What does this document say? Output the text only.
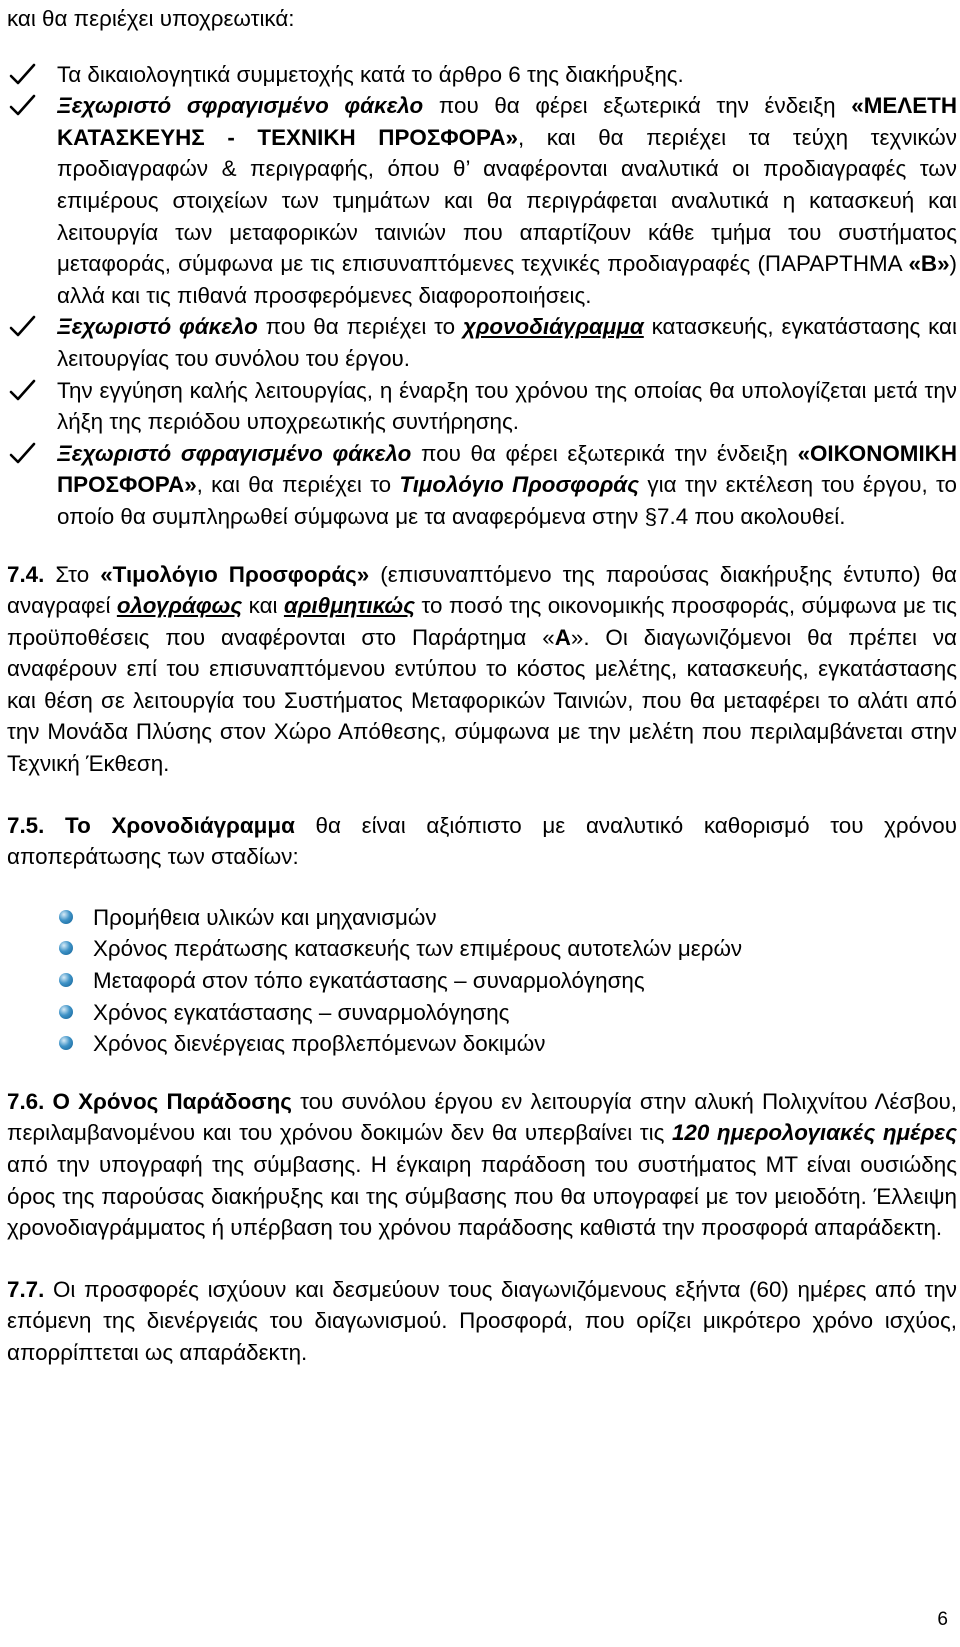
και θα περιέχει υποχρεωτικά:

Τα δικαιολογητικά συμμετοχής κατά το άρθρο 6 της διακήρυξης.
Ξεχωριστό σφραγισμένο φάκελο που θα φέρει εξωτερικά την ένδειξη «ΜΕΛΕΤΗ ΚΑΤΑΣΚΕΥΗΣ - ΤΕΧΝΙΚΗ ΠΡΟΣΦΟΡΑ», και θα περιέχει τα τεύχη τεχνικών προδιαγραφών & περιγραφής, όπου θ’ αναφέρονται αναλυτικά οι προδιαγραφές των επιμέρους στοιχείων των τμημάτων και θα περιγράφεται αναλυτικά η κατασκευή και λειτουργία των μεταφορικών ταινιών που απαρτίζουν κάθε τμήμα του συστήματος μεταφοράς, σύμφωνα με τις επισυναπτόμενες τεχνικές προδιαγραφές (ΠΑΡΑΡΤΗΜΑ «Β») αλλά και τις πιθανά προσφερόμενες διαφοροποιήσεις.
Ξεχωριστό φάκελο που θα περιέχει το χρονοδιάγραμμα κατασκευής, εγκατάστασης και λειτουργίας του συνόλου του έργου.
Την εγγύηση καλής λειτουργίας, η έναρξη του χρόνου της οποίας θα υπολογίζεται μετά την λήξη της περιόδου υποχρεωτικής συντήρησης.
Ξεχωριστό σφραγισμένο φάκελο που θα φέρει εξωτερικά την ένδειξη «ΟΙΚΟΝΟΜΙΚΗ ΠΡΟΣΦΟΡΑ», και θα περιέχει το Τιμολόγιο Προσφοράς για την εκτέλεση του έργου, το οποίο θα συμπληρωθεί σύμφωνα με τα αναφερόμενα στην §7.4 που ακολουθεί.

7.4. Στο «Τιμολόγιο Προσφοράς» (επισυναπτόμενο της παρούσας διακήρυξης έντυπο) θα αναγραφεί ολογράφως και αριθμητικώς το ποσό της οικονομικής προσφοράς, σύμφωνα με τις προϋποθέσεις που αναφέρονται στο Παράρτημα «Α». Οι διαγωνιζόμενοι θα πρέπει να αναφέρουν επί του επισυναπτόμενου εντύπου το κόστος μελέτης, κατασκευής, εγκατάστασης και θέση σε λειτουργία του Συστήματος Μεταφορικών Ταινιών, που θα μεταφέρει το αλάτι από την Μονάδα Πλύσης στον Χώρο Απόθεσης, σύμφωνα με την μελέτη που περιλαμβάνεται στην Τεχνική Έκθεση.

7.5. Το Χρονοδιάγραμμα θα είναι αξιόπιστο με αναλυτικό καθορισμό του χρόνου αποπεράτωσης των σταδίων:

Προμήθεια υλικών και μηχανισμών
Χρόνος περάτωσης κατασκευής των επιμέρους αυτοτελών μερών
Μεταφορά στον τόπο εγκατάστασης – συναρμολόγησης
Χρόνος εγκατάστασης – συναρμολόγησης
Χρόνος διενέργειας προβλεπόμενων δοκιμών

7.6. Ο Χρόνος Παράδοσης του συνόλου έργου εν λειτουργία στην αλυκή Πολιχνίτου Λέσβου, περιλαμβανομένου και του χρόνου δοκιμών δεν θα υπερβαίνει τις 120 ημερολογιακές ημέρες από την υπογραφή της σύμβασης. Η έγκαιρη παράδοση του συστήματος ΜΤ είναι ουσιώδης όρος της παρούσας διακήρυξης και της σύμβασης που θα υπογραφεί με τον μειοδότη. Έλλειψη χρονοδιαγράμματος ή υπέρβαση του χρόνου παράδοσης καθιστά την προσφορά απαράδεκτη.

7.7. Οι προσφορές ισχύουν και δεσμεύουν τους διαγωνιζόμενους εξήντα (60) ημέρες από την επόμενη της διενέργειάς του διαγωνισμού. Προσφορά, που ορίζει μικρότερο χρόνο ισχύος, απορρίπτεται ως απαράδεκτη.

6
